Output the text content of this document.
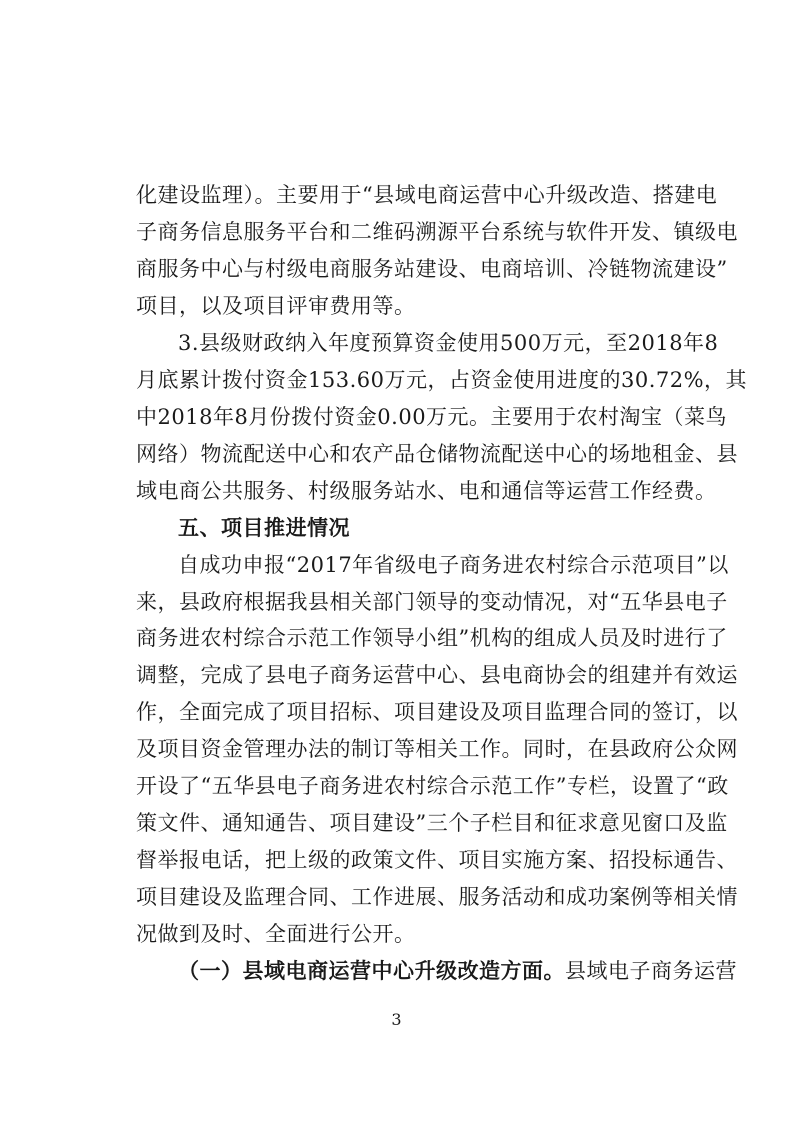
化建设监理）。主要用于“县域电商运营中心升级改造、搭建电
子商务信息服务平台和二维码溯源平台系统与软件开发、镇级电
商服务中心与村级电商服务站建设、电商培训、冷链物流建设”
项目，以及项目评审费用等。
3.县级财政纳入年度预算资金使用500万元，至2018年8
月底累计拨付资金153.60万元，占资金使用进度的30.72%，其
中2018年8月份拨付资金0.00万元。主要用于农村淘宝（菜鸟
网络）物流配送中心和农产品仓储物流配送中心的场地租金、县
域电商公共服务、村级服务站水、电和通信等运营工作经费。
五、项目推进情况
自成功申报“2017年省级电子商务进农村综合示范项目”以
来，县政府根据我县相关部门领导的变动情况，对“五华县电子
商务进农村综合示范工作领导小组”机构的组成人员及时进行了
调整，完成了县电子商务运营中心、县电商协会的组建并有效运
作，全面完成了项目招标、项目建设及项目监理合同的签订，以
及项目资金管理办法的制订等相关工作。同时，在县政府公众网
开设了“五华县电子商务进农村综合示范工作”专栏，设置了“政
策文件、通知通告、项目建设”三个子栏目和征求意见窗口及监
督举报电话，把上级的政策文件、项目实施方案、招投标通告、
项目建设及监理合同、工作进展、服务活动和成功案例等相关情
况做到及时、全面进行公开。
（一）县域电商运营中心升级改造方面。县域电子商务运营
3
